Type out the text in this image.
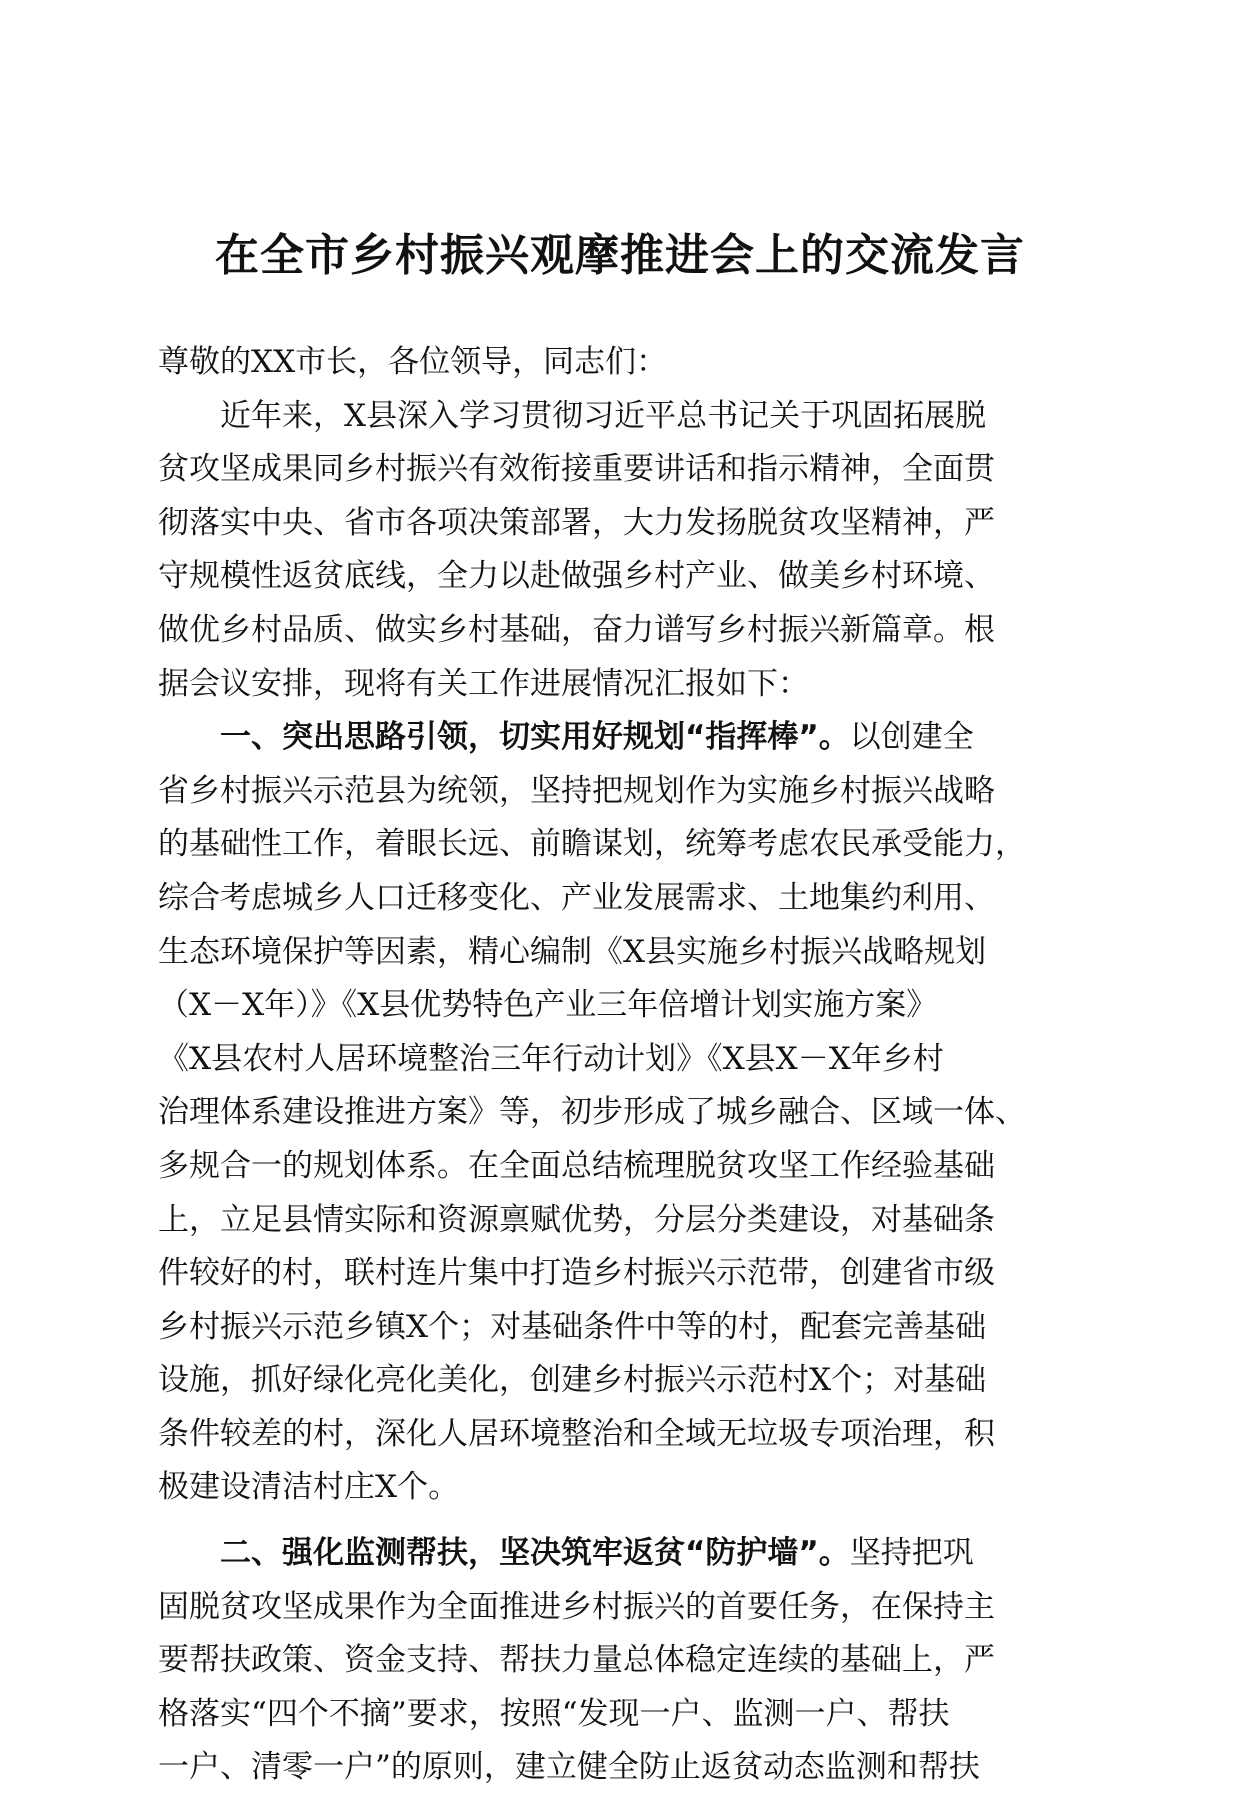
在全市乡村振兴观摩推进会上的交流发言
尊敬的XX市长，各位领导，同志们：
近年来，X县深入学习贯彻习近平总书记关于巩固拓展脱
贫攻坚成果同乡村振兴有效衔接重要讲话和指示精神，全面贯
彻落实中央、省市各项决策部署，大力发扬脱贫攻坚精神，严
守规模性返贫底线，全力以赴做强乡村产业、做美乡村环境、
做优乡村品质、做实乡村基础，奋力谱写乡村振兴新篇章。根
据会议安排，现将有关工作进展情况汇报如下：
一、突出思路引领，切实用好规划“指挥棒”。以创建全
省乡村振兴示范县为统领，坚持把规划作为实施乡村振兴战略
的基础性工作，着眼长远、前瞻谋划，统筹考虑农民承受能力，
综合考虑城乡人口迁移变化、产业发展需求、土地集约利用、
生态环境保护等因素，精心编制《X县实施乡村振兴战略规划
（X－X年）》《X县优势特色产业三年倍增计划实施方案》
《X县农村人居环境整治三年行动计划》《X县X－X年乡村
治理体系建设推进方案》等，初步形成了城乡融合、区域一体、
多规合一的规划体系。在全面总结梳理脱贫攻坚工作经验基础
上，立足县情实际和资源禀赋优势，分层分类建设，对基础条
件较好的村，联村连片集中打造乡村振兴示范带，创建省市级
乡村振兴示范乡镇X个；对基础条件中等的村，配套完善基础
设施，抓好绿化亮化美化，创建乡村振兴示范村X个；对基础
条件较差的村，深化人居环境整治和全域无垃圾专项治理，积
极建设清洁村庄X个。
二、强化监测帮扶，坚决筑牢返贫“防护墙”。坚持把巩
固脱贫攻坚成果作为全面推进乡村振兴的首要任务，在保持主
要帮扶政策、资金支持、帮扶力量总体稳定连续的基础上，严
格落实“四个不摘”要求，按照“发现一户、监测一户、帮扶
一户、清零一户”的原则，建立健全防止返贫动态监测和帮扶
